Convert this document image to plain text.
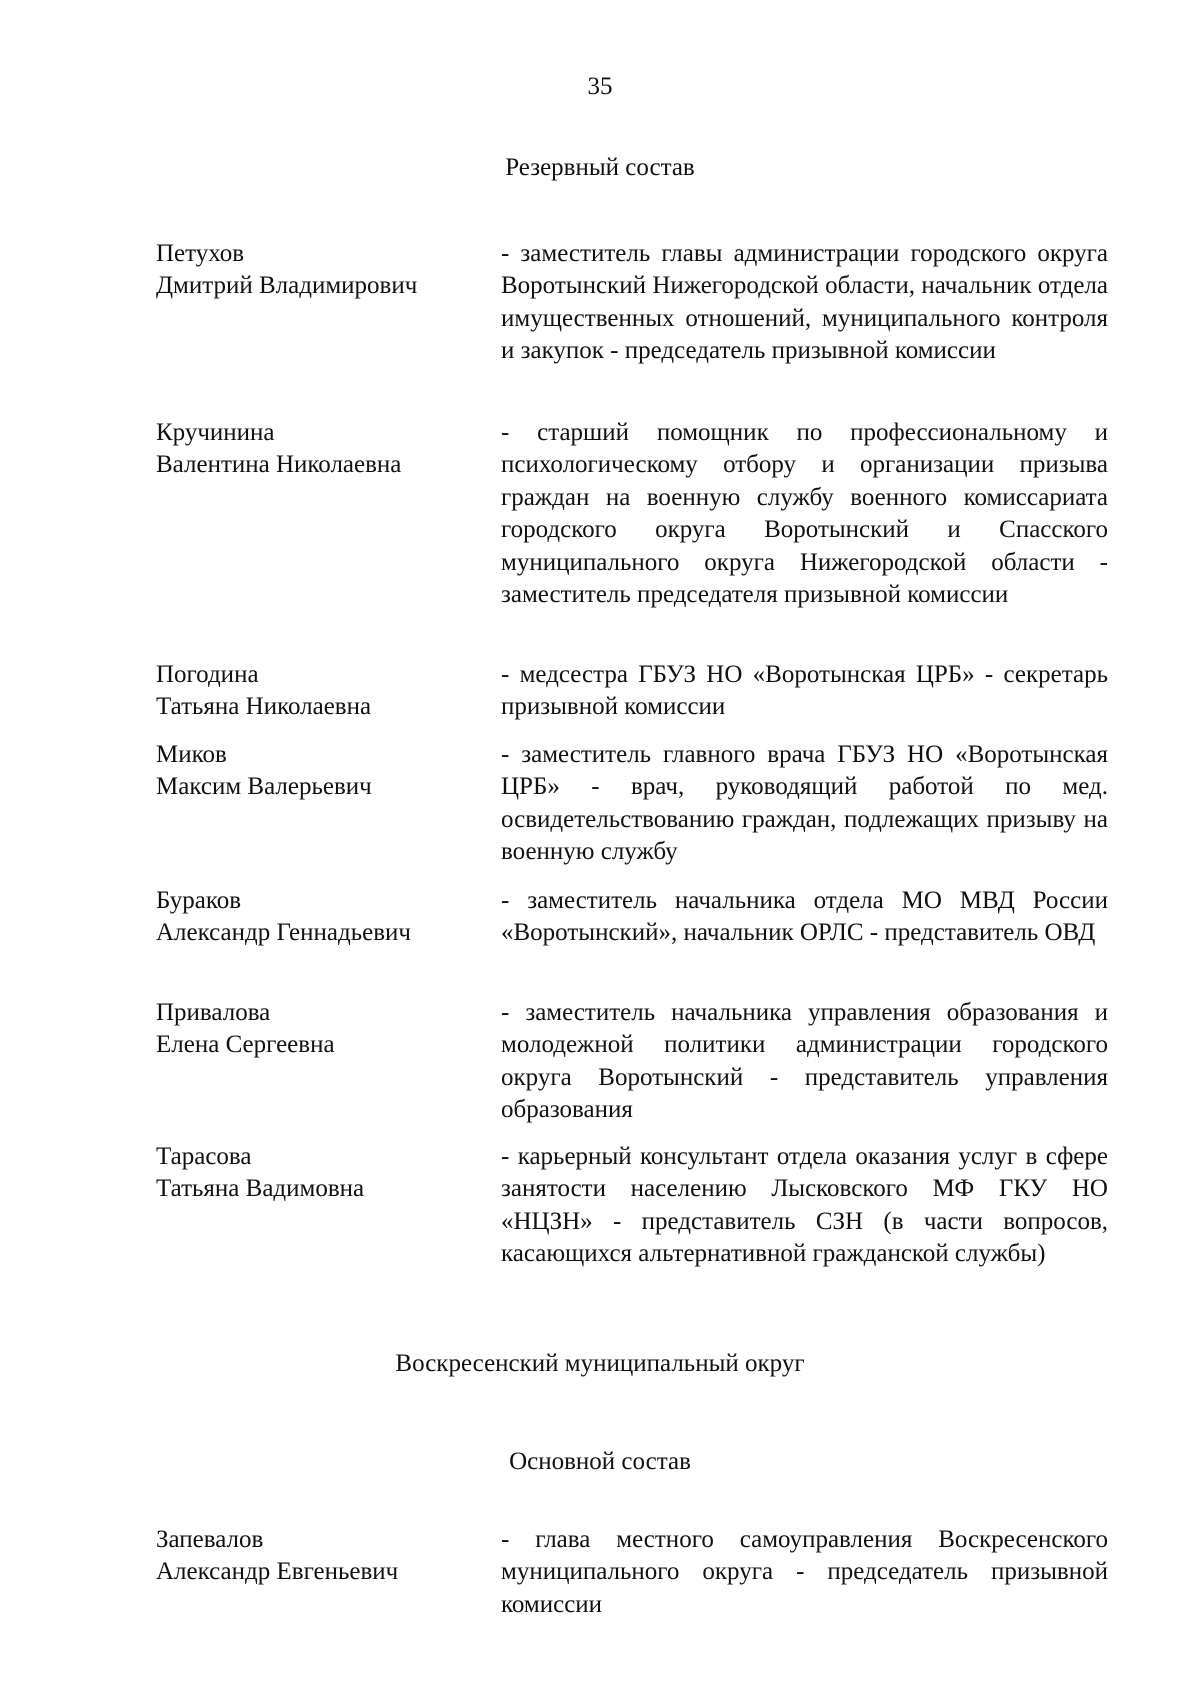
35
Резервный состав
Петухов
Дмитрий Владимирович
- заместитель главы администрации городского округа Воротынский Нижегородской области, начальник отдела имущественных отношений, муниципального контроля и закупок - председатель призывной комиссии
Кручинина
Валентина Николаевна
- старший помощник по профессиональному и психологическому отбору и организации призыва граждан на военную службу военного комиссариата городского округа Воротынский и Спасского муниципального округа Нижегородской области - заместитель председателя призывной комиссии
Погодина
Татьяна Николаевна
- медсестра ГБУЗ НО «Воротынская ЦРБ» - секретарь призывной комиссии
Миков
Максим Валерьевич
- заместитель главного врача ГБУЗ НО «Воротынская ЦРБ» - врач, руководящий работой по мед. освидетельствованию граждан, подлежащих призыву на военную службу
Бураков
Александр Геннадьевич
- заместитель начальника отдела МО МВД России «Воротынский», начальник ОРЛС - представитель ОВД
Привалова
Елена Сергеевна
- заместитель начальника управления образования и молодежной политики администрации городского округа Воротынский - представитель управления образования
Тарасова
Татьяна Вадимовна
- карьерный консультант отдела оказания услуг в сфере занятости населению Лысковского МФ ГКУ НО «НЦЗН» - представитель СЗН (в части вопросов, касающихся альтернативной гражданской службы)
Воскресенский муниципальный округ
Основной состав
Запевалов
Александр Евгеньевич
- глава местного самоуправления Воскресенского муниципального округа - председатель призывной комиссии
